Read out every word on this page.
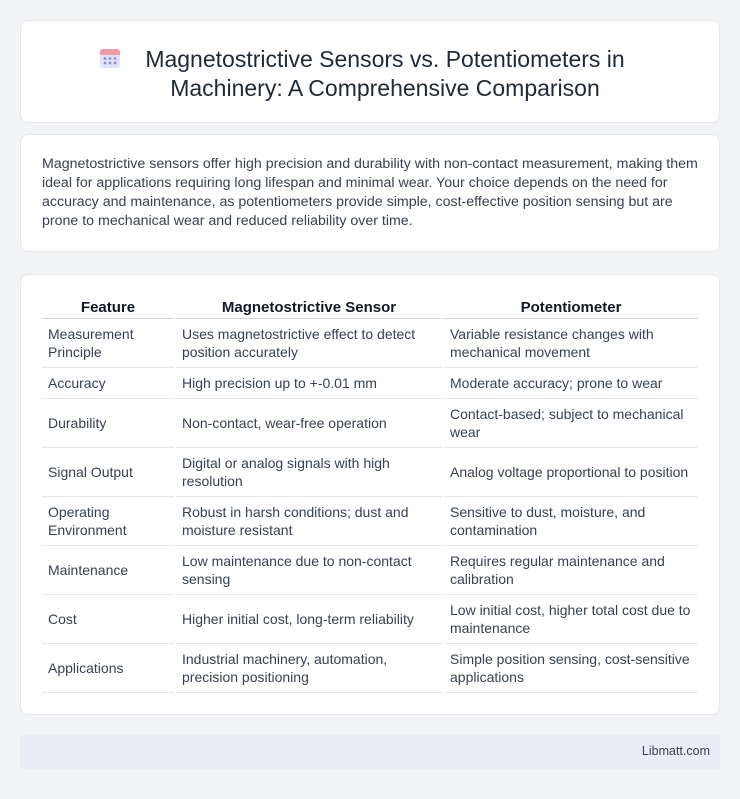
Magnetostrictive Sensors vs. Potentiometers in Machinery: A Comprehensive Comparison

Magnetostrictive sensors offer high precision and durability with non-contact measurement, making them ideal for applications requiring long lifespan and minimal wear. Your choice depends on the need for accuracy and maintenance, as potentiometers provide simple, cost-effective position sensing but are prone to mechanical wear and reduced reliability over time.

Feature	Magnetostrictive Sensor	Potentiometer
Measurement Principle	Uses magnetostrictive effect to detect position accurately	Variable resistance changes with mechanical movement
Accuracy	High precision up to +-0.01 mm	Moderate accuracy; prone to wear
Durability	Non-contact, wear-free operation	Contact-based; subject to mechanical wear
Signal Output	Digital or analog signals with high resolution	Analog voltage proportional to position
Operating Environment	Robust in harsh conditions; dust and moisture resistant	Sensitive to dust, moisture, and contamination
Maintenance	Low maintenance due to non-contact sensing	Requires regular maintenance and calibration
Cost	Higher initial cost, long-term reliability	Low initial cost, higher total cost due to maintenance
Applications	Industrial machinery, automation, precision positioning	Simple position sensing, cost-sensitive applications
Libmatt.com
